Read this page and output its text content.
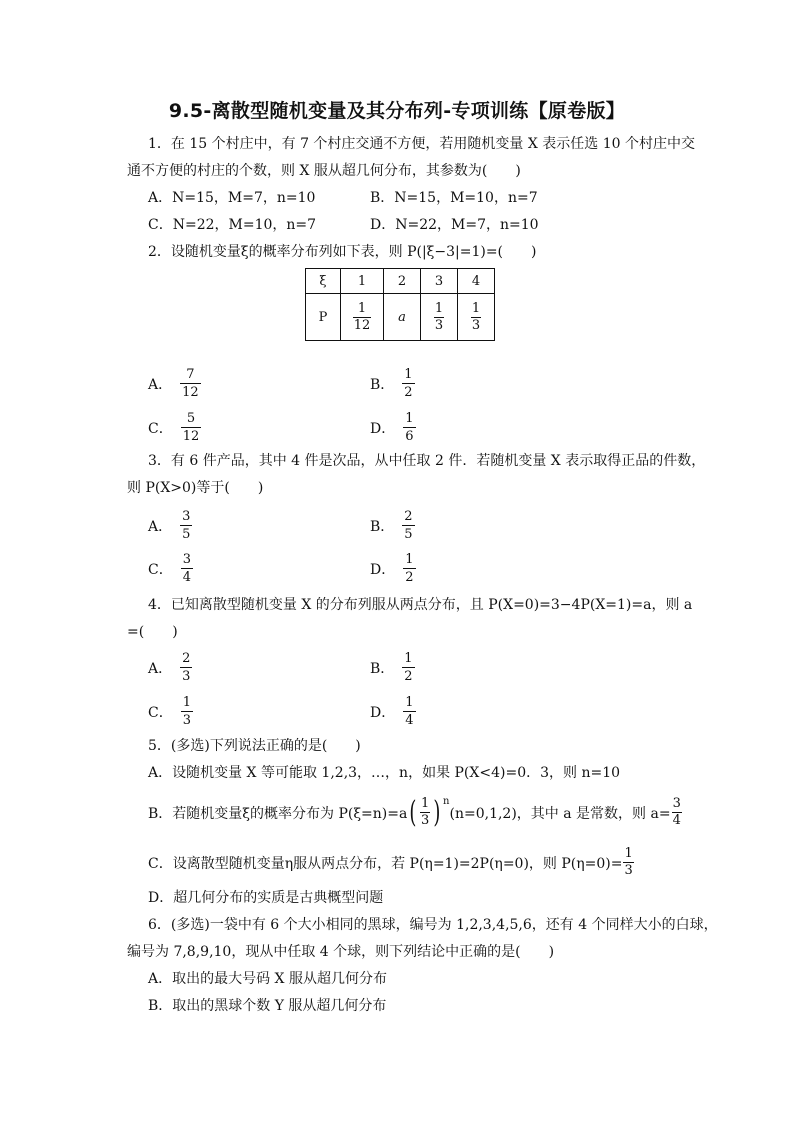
9.5-离散型随机变量及其分布列-专项训练【原卷版】
1．在 15 个村庄中，有 7 个村庄交通不方便，若用随机变量 X 表示任选 10 个村庄中交
通不方便的村庄的个数，则 X 服从超几何分布，其参数为(　　)
A．N=15，M=7，n=10	B．N=15，M=10，n=7
C．N=22，M=10，n=7	D．N=22，M=7，n=10
2．设随机变量ξ的概率分布列如下表，则 P(|ξ−3|=1)=(　　)
ξ	1	2	3	4
P	$\frac{1}{12}$	a	$\frac{1}{3}$	$\frac{1}{3}$
A． $\frac{7}{12}$	B． $\frac{1}{2}$
C． $\frac{5}{12}$	D． $\frac{1}{6}$
3．有 6 件产品，其中 4 件是次品，从中任取 2 件．若随机变量 X 表示取得正品的件数，
则 P(X>0)等于(　　)
A． $\frac{3}{5}$	B． $\frac{2}{5}$
C． $\frac{3}{4}$	D． $\frac{1}{2}$
4．已知离散型随机变量 X 的分布列服从两点分布，且 P(X=0)=3−4P(X=1)=a，则 a
=(　　)
A． $\frac{2}{3}$	B． $\frac{1}{2}$
C． $\frac{1}{3}$	D． $\frac{1}{4}$
5．(多选)下列说法正确的是(　　)
A．设随机变量 X 等可能取 1,2,3，…，n，如果 P(X<4)=0．3，则 n=10
B．若随机变量ξ的概率分布为 $P(\xi=n)=a( \frac{1}{3}$ ) $^n$(n=0,1,2)，其中 a 是常数，则 $a= \frac{3}{4}$
C．设离散型随机变量η服从两点分布，若 P(η=1)=2P(η=0)，则 $P(\eta=0)= \frac{1}{3}$
D．超几何分布的实质是古典概型问题
6．(多选)一袋中有 6 个大小相同的黑球，编号为 1,2,3,4,5,6，还有 4 个同样大小的白球，
编号为 7,8,9,10，现从中任取 4 个球，则下列结论中正确的是(　　)
A．取出的最大号码 X 服从超几何分布
B．取出的黑球个数 Y 服从超几何分布
